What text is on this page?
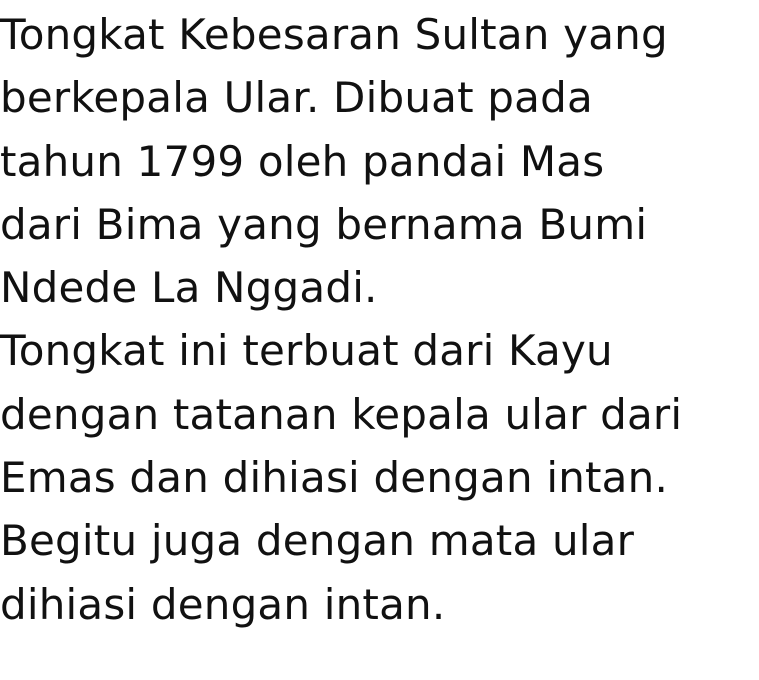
Tongkat Kebesaran Sultan yang
berkepala Ular. Dibuat pada
tahun 1799 oleh pandai Mas
dari Bima yang bernama Bumi
Ndede La Nggadi.
Tongkat ini terbuat dari Kayu
dengan tatanan kepala ular dari
Emas dan dihiasi dengan intan.
Begitu juga dengan mata ular
dihiasi dengan intan.
